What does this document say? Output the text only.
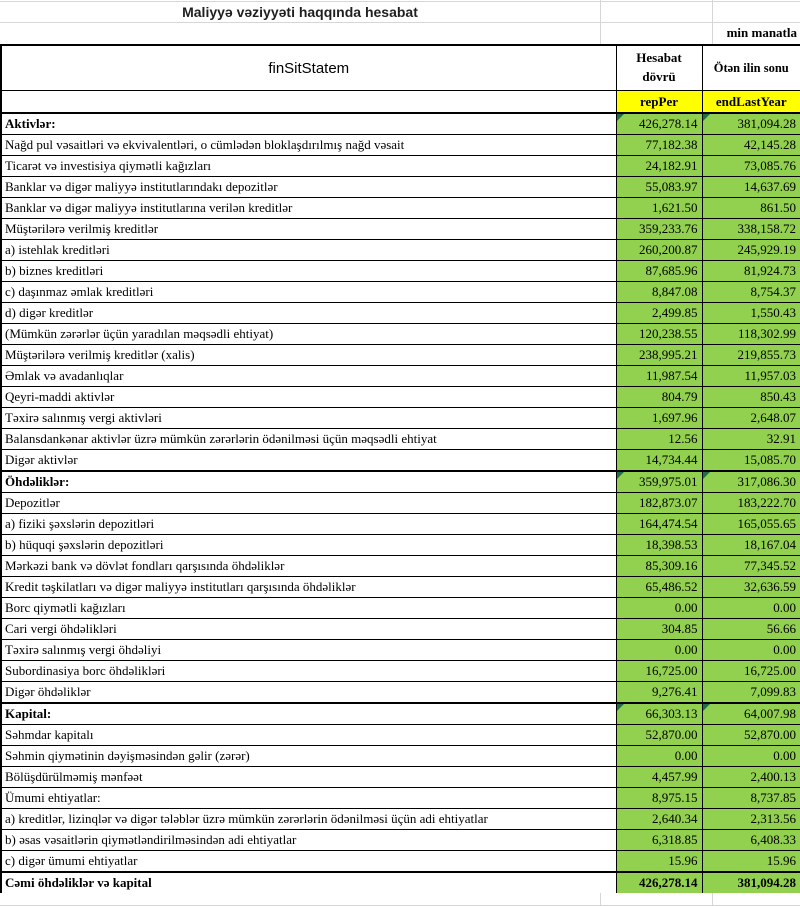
Maliyyə vəziyyəti haqqında hesabat
min manatla
finSitStatem	Hesabat dövrü	Ötən ilin sonu
	repPer	endLastYear
Aktivlər:	426,278.14	381,094.28

Nağd pul vəsaitləri və ekvivalentləri, o cümlədən bloklaşdırılmış nağd vəsait	77,182.38	42,145.28
Ticarət və investisiya qiymətli kağızları	24,182.91	73,085.76
Banklar və digər maliyyə institutlarındakı depozitlər	55,083.97	14,637.69
Banklar və digər maliyyə institutlarına verilən kreditlər	1,621.50	861.50
Müştərilərə verilmiş kreditlər	359,233.76	338,158.72
a) istehlak kreditləri	260,200.87	245,929.19
b) biznes kreditləri	87,685.96	81,924.73
c) daşınmaz əmlak kreditləri	8,847.08	8,754.37
d) digər kreditlər	2,499.85	1,550.43
(Mümkün zərərlər üçün yaradılan məqsədli ehtiyat)	120,238.55	118,302.99
Müştərilərə verilmiş kreditlər (xalis)	238,995.21	219,855.73
Əmlak və avadanlıqlar	11,987.54	11,957.03
Qeyri-maddi aktivlər	804.79	850.43
Təxirə salınmış vergi aktivləri	1,697.96	2,648.07
Balansdankənar aktivlər üzrə mümkün zərərlərin ödənilməsi üçün məqsədli ehtiyat	12.56	32.91
Digər aktivlər	14,734.44	15,085.70
Öhdəliklər:	359,975.01	317,086.30

Depozitlər	182,873.07	183,222.70
a) fiziki şəxslərin depozitləri	164,474.54	165,055.65
b) hüquqi şəxslərin depozitləri	18,398.53	18,167.04
Mərkəzi bank və dövlət fondları qarşısında öhdəliklər	85,309.16	77,345.52
Kredit təşkilatları və digər maliyyə institutları qarşısında öhdəliklər	65,486.52	32,636.59
Borc qiymətli kağızları	0.00	0.00
Cari vergi öhdəlikləri	304.85	56.66
Təxirə salınmış vergi öhdəliyi	0.00	0.00
Subordinasiya borc öhdəlikləri	16,725.00	16,725.00
Digər öhdəliklər	9,276.41	7,099.83
Kapital:	66,303.13	64,007.98

Səhmdar kapitalı	52,870.00	52,870.00
Səhmin qiymətinin dəyişməsindən gəlir (zərər)	0.00	0.00
Bölüşdürülməmiş mənfəət	4,457.99	2,400.13
Ümumi ehtiyatlar:	8,975.15	8,737.85
a) kreditlər, lizinqlər və digər tələblər üzrə mümkün zərərlərin ödənilməsi üçün adi ehtiyatlar	2,640.34	2,313.56
b) əsas vəsaitlərin qiymətləndirilməsindən adi ehtiyatlar	6,318.85	6,408.33
c) digər ümumi ehtiyatlar	15.96	15.96
Cəmi öhdəliklər və kapital	426,278.14	381,094.28
